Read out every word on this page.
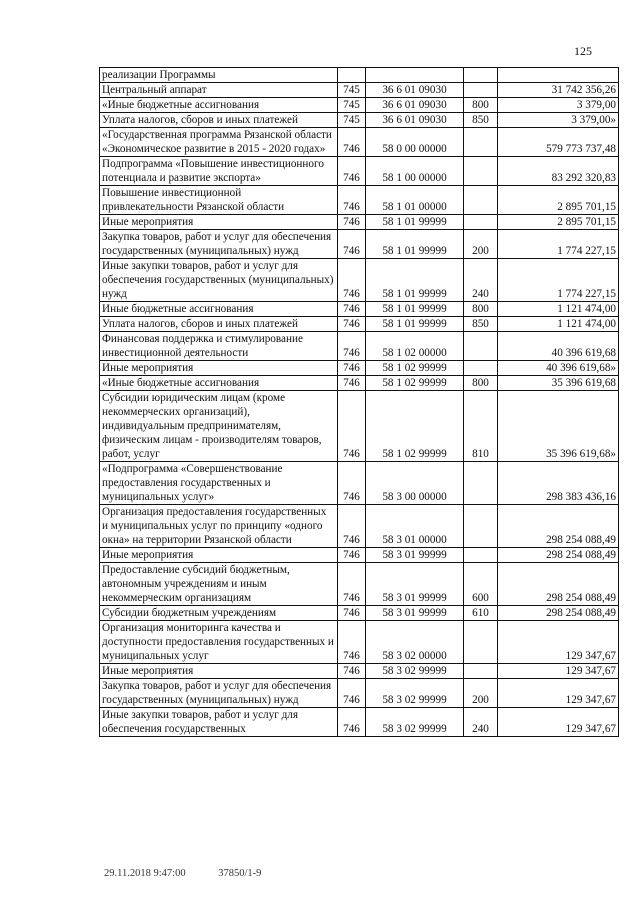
125
реализации Программы				
Центральный аппарат	745	36 6 01 09030		31 742 356,26
«Иные бюджетные ассигнования	745	36 6 01 09030	800	3 379,00
Уплата налогов, сборов и иных платежей	745	36 6 01 09030	850	3 379,00»
«Государственная программа Рязанской области «Экономическое развитие в 2015 - 2020 годах»	746	58 0 00 00000		579 773 737,48
Подпрограмма «Повышение инвестиционного потенциала и развитие экспорта»	746	58 1 00 00000		83 292 320,83
Повышение инвестиционной привлекательности Рязанской области	746	58 1 01 00000		2 895 701,15
Иные мероприятия	746	58 1 01 99999		2 895 701,15
Закупка товаров, работ и услуг для обеспечения государственных (муниципальных) нужд	746	58 1 01 99999	200	1 774 227,15
Иные закупки товаров, работ и услуг для обеспечения государственных (муниципальных) нужд	746	58 1 01 99999	240	1 774 227,15
Иные бюджетные ассигнования	746	58 1 01 99999	800	1 121 474,00
Уплата налогов, сборов и иных платежей	746	58 1 01 99999	850	1 121 474,00
Финансовая поддержка и стимулирование инвестиционной деятельности	746	58 1 02 00000		40 396 619,68
Иные мероприятия	746	58 1 02 99999		40 396 619,68»
«Иные бюджетные ассигнования	746	58 1 02 99999	800	35 396 619,68
Субсидии юридическим лицам (кроме некоммерческих организаций), индивидуальным предпринимателям, физическим лицам - производителям товаров, работ, услуг	746	58 1 02 99999	810	35 396 619,68»
«Подпрограмма «Совершенствование предоставления государственных и муниципальных услуг»	746	58 3 00 00000		298 383 436,16
Организация предоставления государственных и муниципальных услуг по принципу «одного окна» на территории Рязанской области	746	58 3 01 00000		298 254 088,49
Иные мероприятия	746	58 3 01 99999		298 254 088,49
Предоставление субсидий бюджетным, автономным учреждениям и иным некоммерческим организациям	746	58 3 01 99999	600	298 254 088,49
Субсидии бюджетным учреждениям	746	58 3 01 99999	610	298 254 088,49
Организация мониторинга качества и доступности предоставления государственных и муниципальных услуг	746	58 3 02 00000		129 347,67
Иные мероприятия	746	58 3 02 99999		129 347,67
Закупка товаров, работ и услуг для обеспечения государственных (муниципальных) нужд	746	58 3 02 99999	200	129 347,67
Иные закупки товаров, работ и услуг для обеспечения государственных	746	58 3 02 99999	240	129 347,67
29.11.2018 9:47:00	37850/1-9
